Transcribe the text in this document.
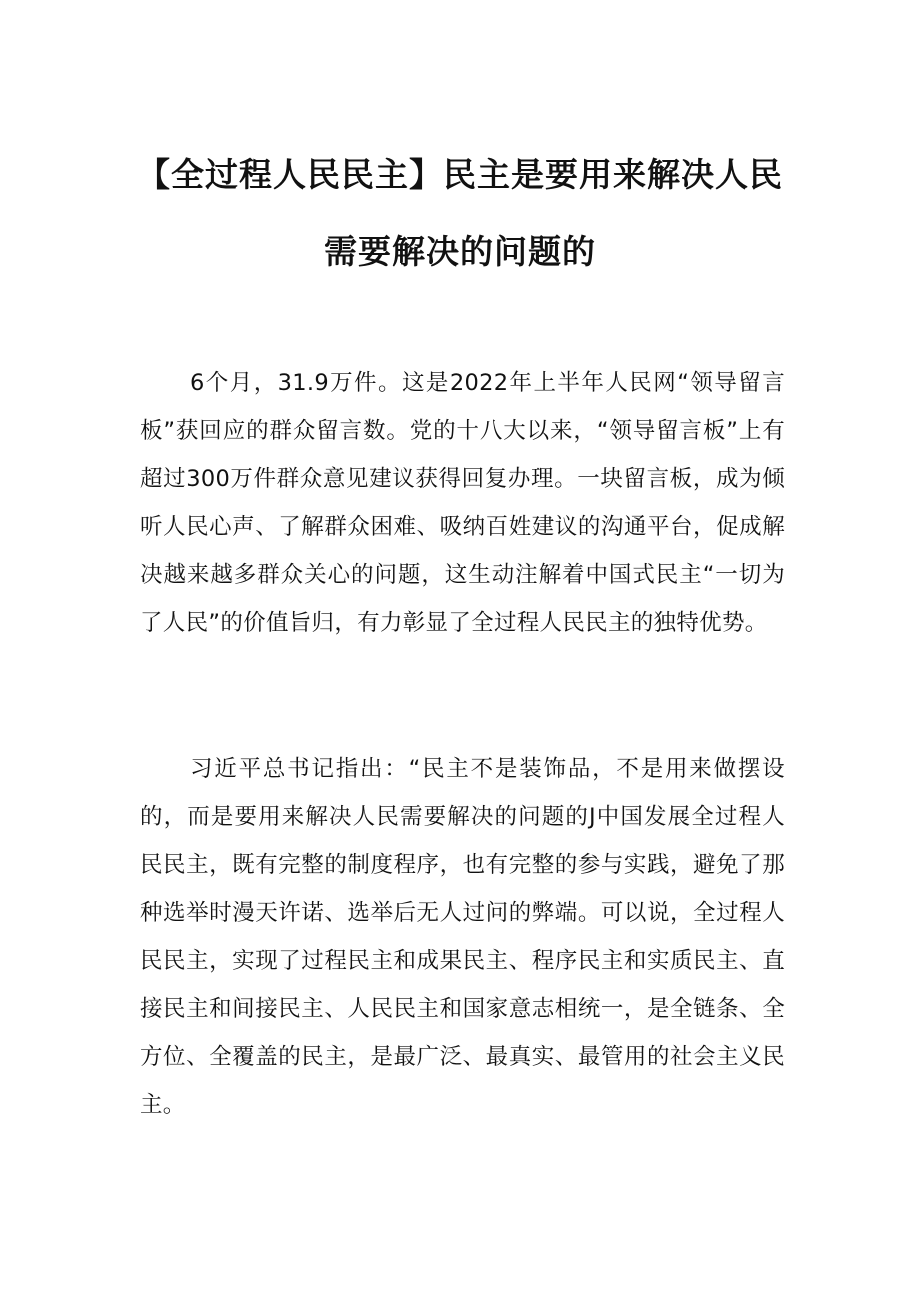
【全过程人民民主】民主是要用来解决人民
需要解决的问题的

6个月，31.9万件。这是2022年上半年人民网“领导留言板”获回应的群众留言数。党的十八大以来，“领导留言板”上有超过300万件群众意见建议获得回复办理。一块留言板，成为倾听人民心声、了解群众困难、吸纳百姓建议的沟通平台，促成解决越来越多群众关心的问题，这生动注解着中国式民主“一切为了人民”的价值旨归，有力彰显了全过程人民民主的独特优势。

习近平总书记指出：“民主不是装饰品，不是用来做摆设的，而是要用来解决人民需要解决的问题的J中国发展全过程人民民主，既有完整的制度程序，也有完整的参与实践，避免了那种选举时漫天许诺、选举后无人过问的弊端。可以说，全过程人民民主，实现了过程民主和成果民主、程序民主和实质民主、直接民主和间接民主、人民民主和国家意志相统一，是全链条、全方位、全覆盖的民主，是最广泛、最真实、最管用的社会主义民主。
